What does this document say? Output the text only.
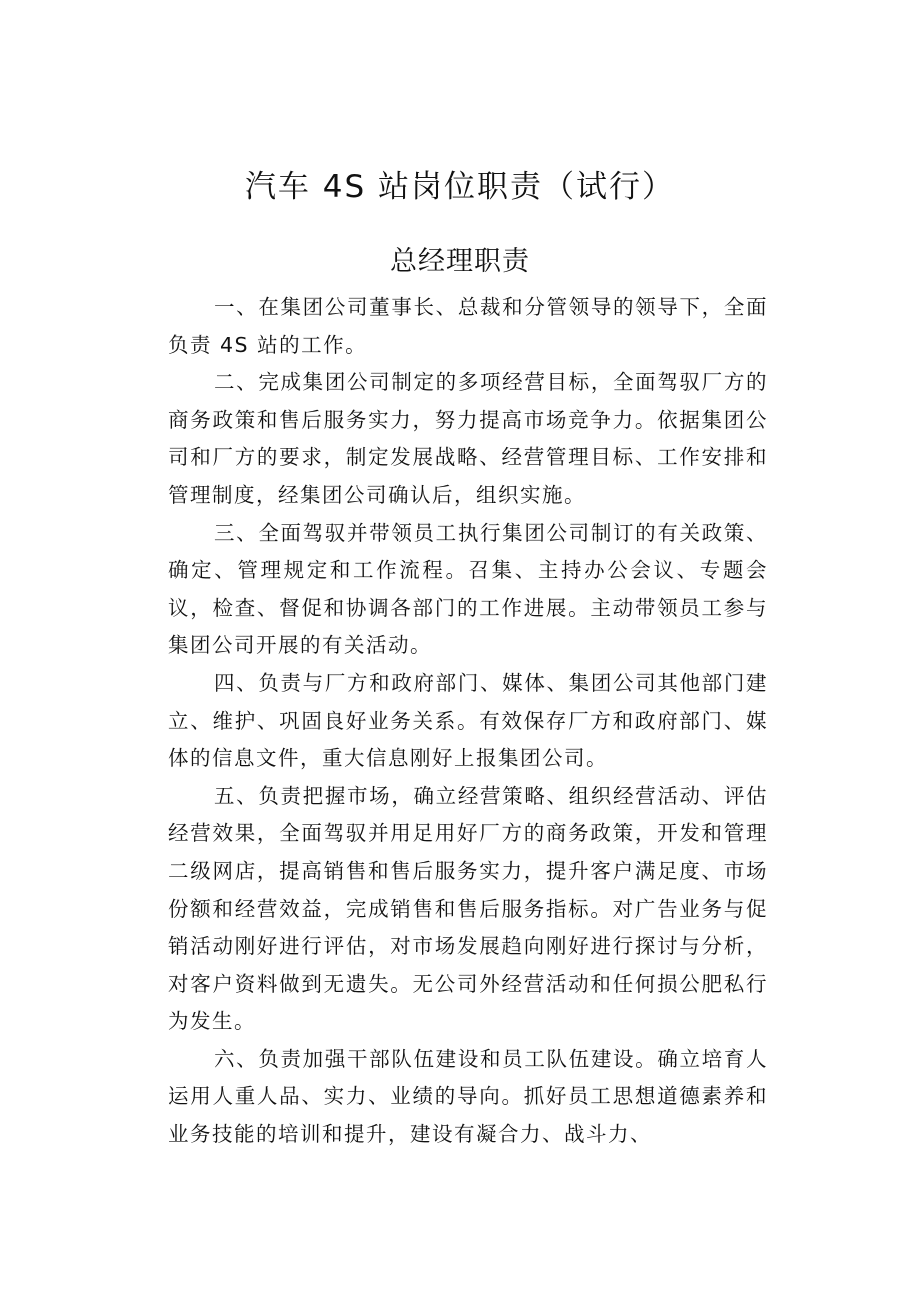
汽车 4S 站岗位职责（试行）
总经理职责

一、在集团公司董事长、总裁和分管领导的领导下，全面负责 4S 站的工作。

二、完成集团公司制定的多项经营目标，全面驾驭厂方的商务政策和售后服务实力，努力提高市场竞争力。依据集团公司和厂方的要求，制定发展战略、经营管理目标、工作安排和管理制度，经集团公司确认后，组织实施。

三、全面驾驭并带领员工执行集团公司制订的有关政策、确定、管理规定和工作流程。召集、主持办公会议、专题会议，检查、督促和协调各部门的工作进展。主动带领员工参与集团公司开展的有关活动。

四、负责与厂方和政府部门、媒体、集团公司其他部门建立、维护、巩固良好业务关系。有效保存厂方和政府部门、媒体的信息文件，重大信息刚好上报集团公司。

五、负责把握市场，确立经营策略、组织经营活动、评估经营效果，全面驾驭并用足用好厂方的商务政策，开发和管理二级网店，提高销售和售后服务实力，提升客户满足度、市场份额和经营效益，完成销售和售后服务指标。对广告业务与促销活动刚好进行评估，对市场发展趋向刚好进行探讨与分析，对客户资料做到无遗失。无公司外经营活动和任何损公肥私行为发生。

六、负责加强干部队伍建设和员工队伍建设。确立培育人运用人重人品、实力、业绩的导向。抓好员工思想道德素养和业务技能的培训和提升，建设有凝合力、战斗力、
